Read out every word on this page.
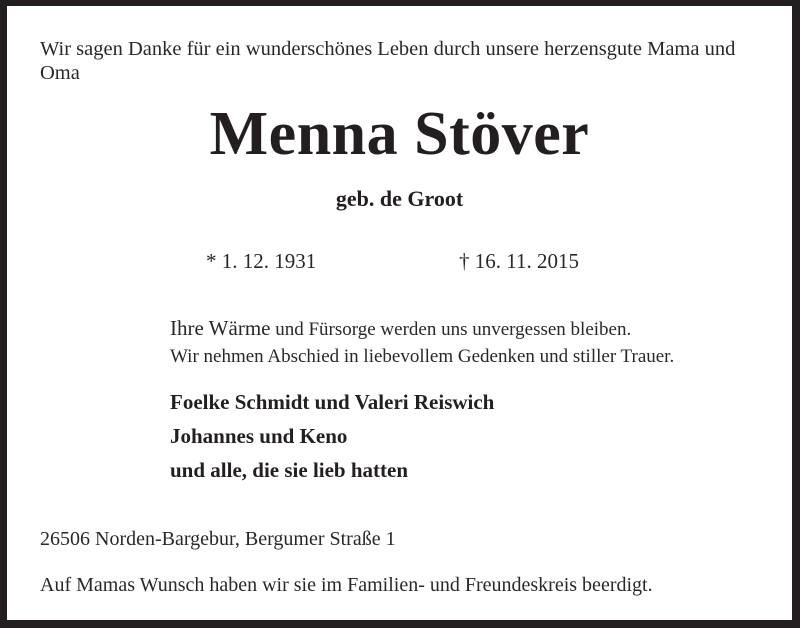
Wir sagen Danke für ein wunderschönes Leben durch unsere herzensgute Mama und Oma

Menna Stöver
geb. de Groot
* 1. 12. 1931	† 16. 11. 2015
Ihre Wärme und Fürsorge werden uns unvergessen bleiben.
Wir nehmen Abschied in liebevollem Gedenken und stiller Trauer.
Foelke Schmidt und Valeri Reiswich
Johannes und Keno
und alle, die sie lieb hatten
26506 Norden-Bargebur, Bergumer Straße 1
Auf Mamas Wunsch haben wir sie im Familien- und Freundeskreis beerdigt.
